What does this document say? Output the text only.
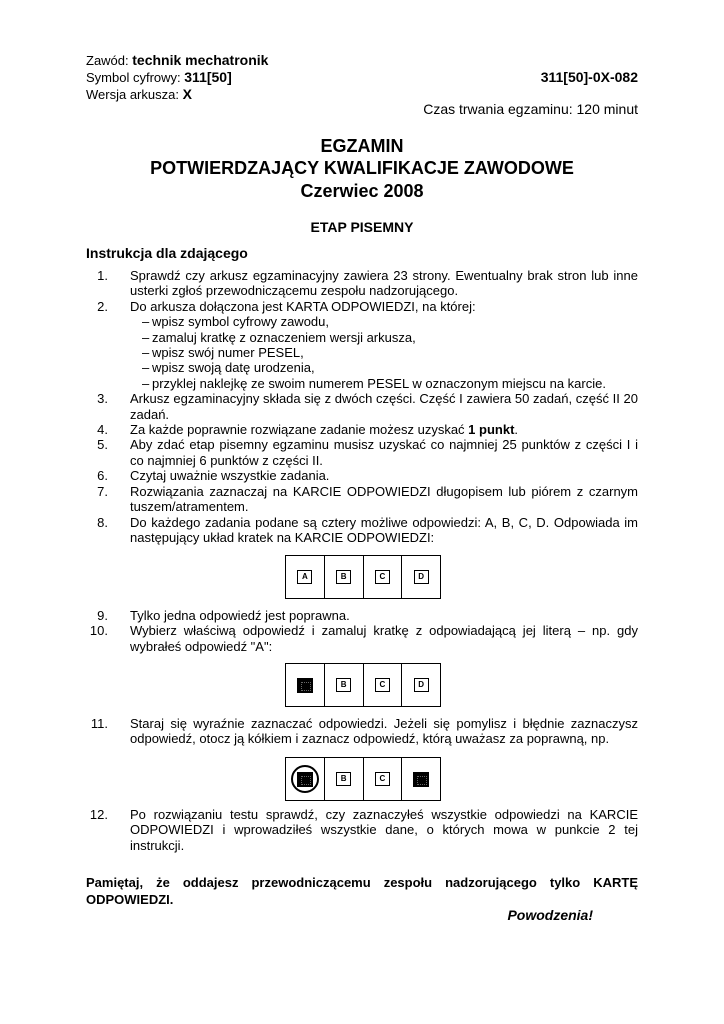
Zawód: technik mechatronik
Symbol cyfrowy: 311[50]	311[50]-0X-082
Wersja arkusza: X
Czas trwania egzaminu: 120 minut
EGZAMIN
POTWIERDZAJĄCY KWALIFIKACJE ZAWODOWE
Czerwiec 2008
ETAP PISEMNY
Instrukcja dla zdającego
1. Sprawdź czy arkusz egzaminacyjny zawiera 23 strony. Ewentualny brak stron lub inne usterki zgłoś przewodniczącemu zespołu nadzorującego.
2. Do arkusza dołączona jest KARTA ODPOWIEDZI, na której:
– wpisz symbol cyfrowy zawodu,
– zamaluj kratkę z oznaczeniem wersji arkusza,
– wpisz swój numer PESEL,
– wpisz swoją datę urodzenia,
– przyklej naklejkę ze swoim numerem PESEL w oznaczonym miejscu na karcie.
3. Arkusz egzaminacyjny składa się z dwóch części. Część I zawiera 50 zadań, część II 20 zadań.
4. Za każde poprawnie rozwiązane zadanie możesz uzyskać 1 punkt.
5. Aby zdać etap pisemny egzaminu musisz uzyskać co najmniej 25 punktów z części I i co najmniej 6 punktów z części II.
6. Czytaj uważnie wszystkie zadania.
7. Rozwiązania zaznaczaj na KARCIE ODPOWIEDZI długopisem lub piórem z czarnym tuszem/atramentem.
8. Do każdego zadania podane są cztery możliwe odpowiedzi: A, B, C, D. Odpowiada im następujący układ kratek na KARCIE ODPOWIEDZI:
A	B	C	D
9. Tylko jedna odpowiedź jest poprawna.
10. Wybierz właściwą odpowiedź i zamaluj kratkę z odpowiadającą jej literą – np. gdy wybrałeś odpowiedź "A":
B	C	D
11. Staraj się wyraźnie zaznaczać odpowiedzi. Jeżeli się pomylisz i błędnie zaznaczysz odpowiedź, otocz ją kółkiem i zaznacz odpowiedź, którą uważasz za poprawną, np.
B	C
12. Po rozwiązaniu testu sprawdź, czy zaznaczyłeś wszystkie odpowiedzi na KARCIE ODPOWIEDZI i wprowadziłeś wszystkie dane, o których mowa w punkcie 2 tej instrukcji.
Pamiętaj, że oddajesz przewodniczącemu zespołu nadzorującego tylko KARTĘ ODPOWIEDZI.
Powodzenia!
